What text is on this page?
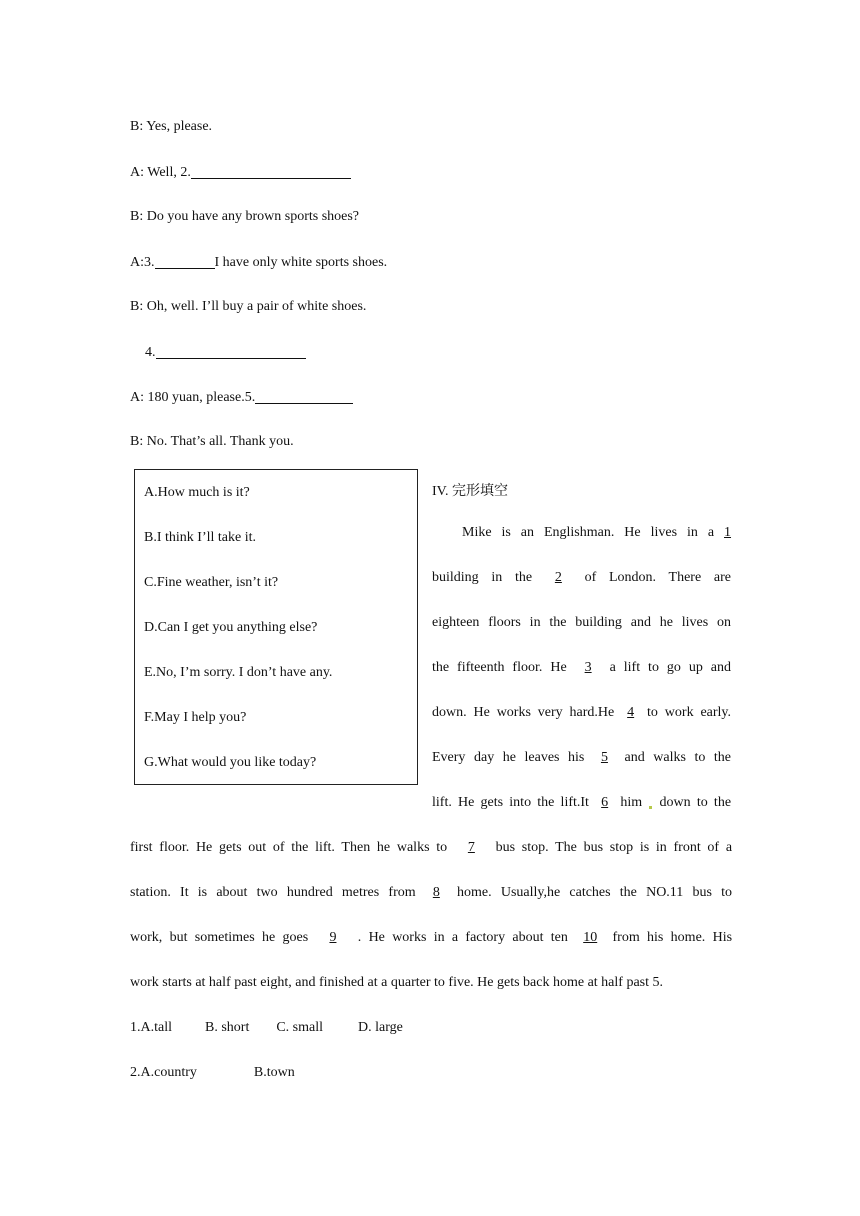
B: Yes, please.
A: Well, 2.
B: Do you have any brown sports shoes?
A:3.	I have only white sports shoes.
B: Oh, well. I’ll buy a pair of white shoes.
4.
A: 180 yuan, please.5.
B: No. That’s all. Thank you.
A.How much is it?
B.I think I’ll take it.
C.Fine weather, isn’t it?
D.Can I get you anything else?
E.No, I’m sorry. I don’t have any.
F.May I help you?
G.What would you like today?
IV. 完形填空
Mike is an Englishman. He lives in a 1
building in the 2 of London. There are
eighteen floors in the building and he lives on
the fifteenth floor. He 3 a lift to go up and
down. He works very hard.He 4 to work early.
Every day he leaves his 5 and walks to the
lift. He gets into the lift.It 6 him down to the
first floor. He gets out of the lift. Then he walks to 7 bus stop. The bus stop is in front of a
station. It is about two hundred metres from 8 home. Usually,he catches the NO.11 bus to
work, but sometimes he goes 9 . He works in a factory about ten 10 from his home. His
work starts at half past eight, and finished at a quarter to five. He gets back home at half past 5.
1.A.tall B. short C. small	D. large
2.A.country	B.town
